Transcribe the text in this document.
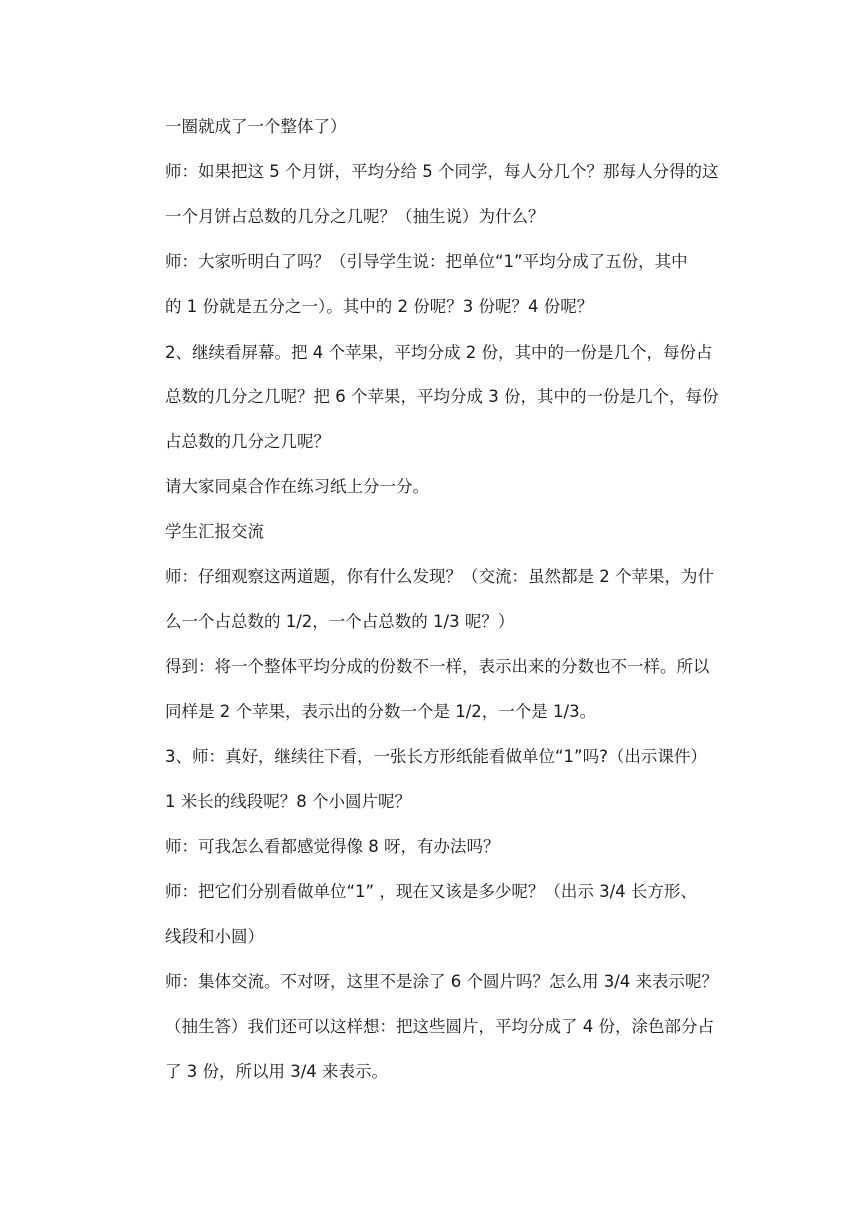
一圈就成了一个整体了）
师：如果把这 5 个月饼，平均分给 5 个同学，每人分几个？那每人分得的这
一个月饼占总数的几分之几呢？（抽生说）为什么？
师：大家听明白了吗？（引导学生说：把单位“1”平均分成了五份，其中
的 1 份就是五分之一）。其中的 2 份呢？3 份呢？4 份呢？
2、继续看屏幕。把 4 个苹果，平均分成 2 份，其中的一份是几个，每份占
总数的几分之几呢？把 6 个苹果，平均分成 3 份，其中的一份是几个，每份
占总数的几分之几呢？
请大家同桌合作在练习纸上分一分。
学生汇报交流
师：仔细观察这两道题，你有什么发现？（交流：虽然都是 2 个苹果，为什
么一个占总数的 1/2，一个占总数的 1/3 呢？）
得到：将一个整体平均分成的份数不一样，表示出来的分数也不一样。所以
同样是 2 个苹果，表示出的分数一个是 1/2，一个是 1/3。
3、师：真好，继续往下看，一张长方形纸能看做单位“1”吗?（出示课件）
1 米长的线段呢？8 个小圆片呢？
师：可我怎么看都感觉得像 8 呀，有办法吗？
师：把它们分别看做单位“1” ，现在又该是多少呢？（出示 3/4 长方形、
线段和小圆）
师：集体交流。不对呀，这里不是涂了 6 个圆片吗？怎么用 3/4 来表示呢？
（抽生答）我们还可以这样想：把这些圆片，平均分成了 4 份，涂色部分占
了 3 份，所以用 3/4 来表示。
